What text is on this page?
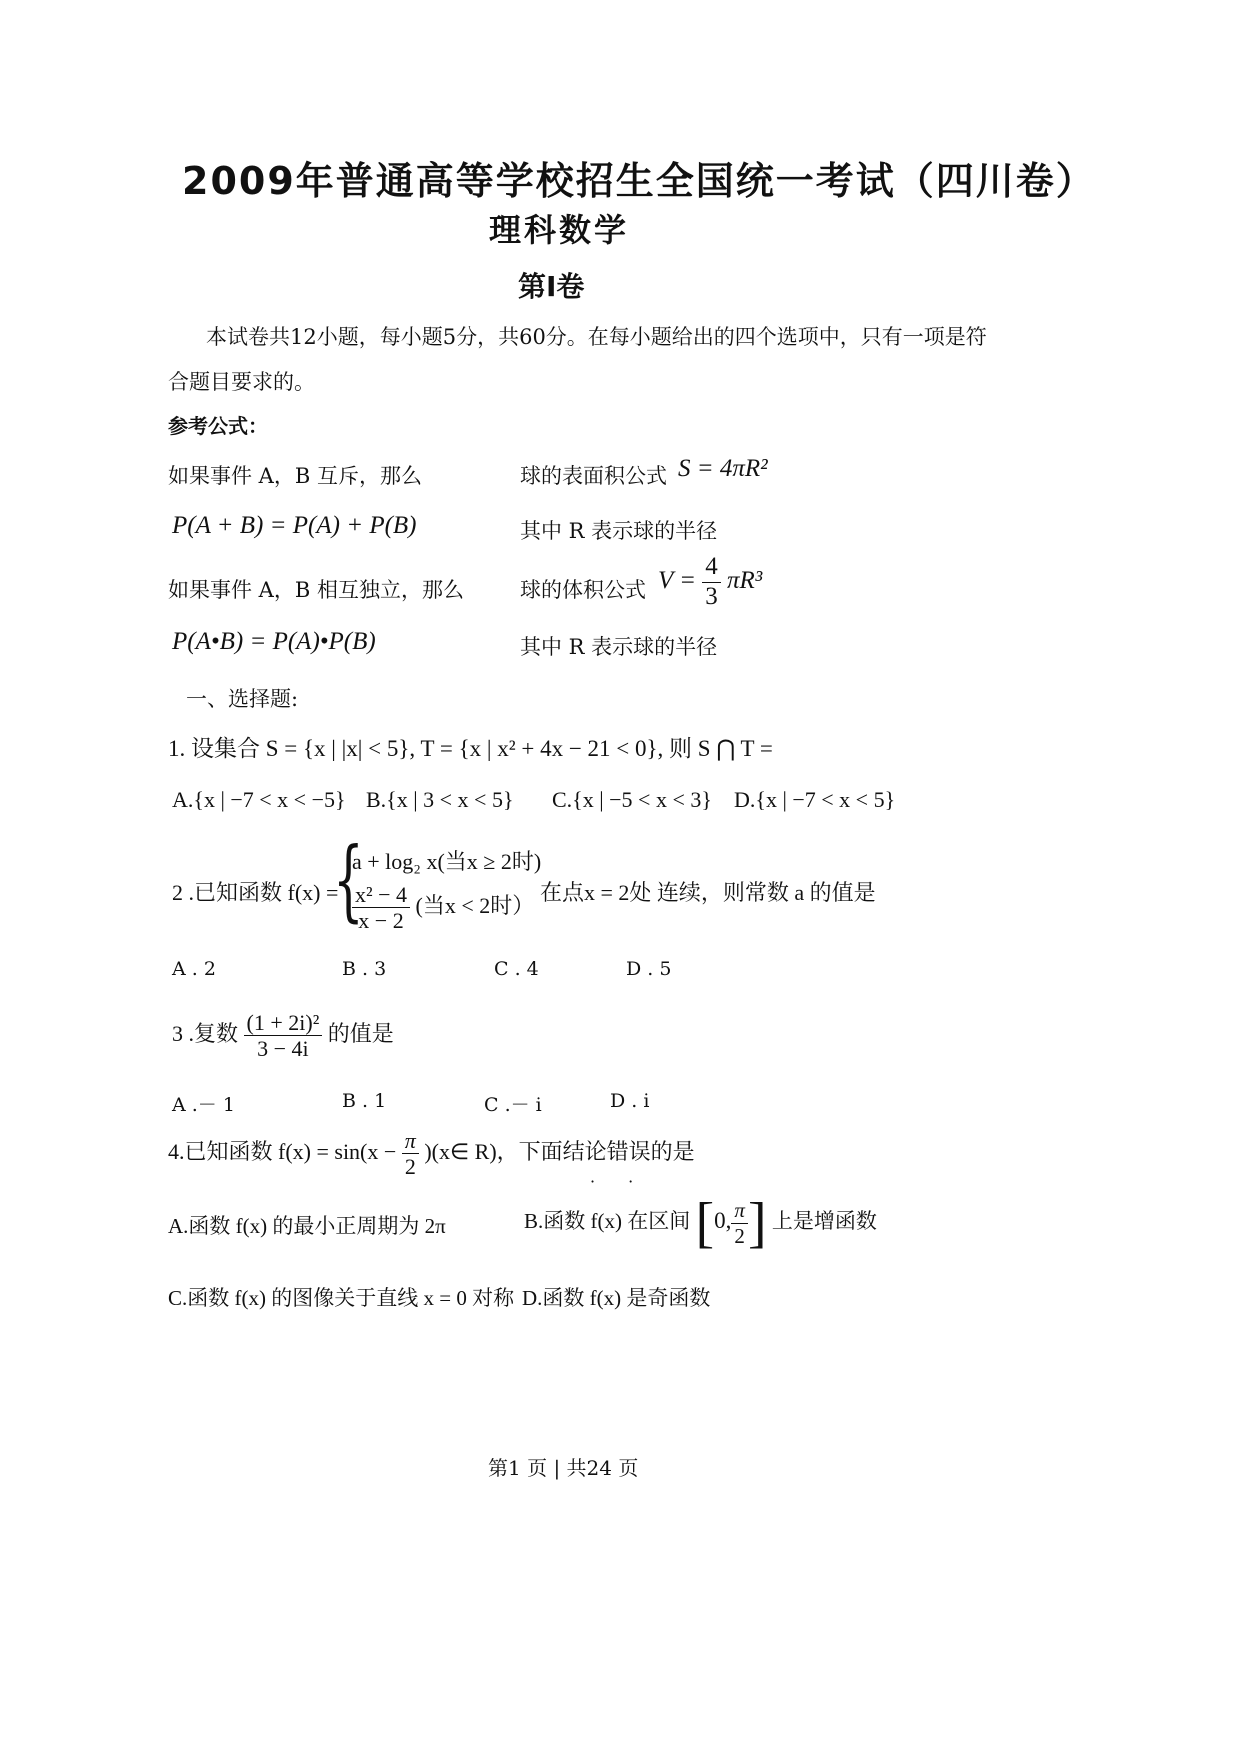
2009年普通高等学校招生全国统一考试（四川卷）
理科数学
第Ⅰ卷
本试卷共12小题，每小题5分，共60分。在每小题给出的四个选项中，只有一项是符
合题目要求的。
参考公式：
如果事件 A，B 互斥，那么	球的表面积公式 S = 4πR²
P(A + B) = P(A) + P(B)	其中 R 表示球的半径
如果事件 A，B 相互独立，那么	球的体积公式 $V = \frac{4}{3} \pi R^3$
P(A•B) = P(A)•P(B)	其中 R 表示球的半径
一、选择题:
1. 设集合 S = {x | |x| < 5}, T = {x | x² + 4x − 21 < 0}, 则 S ⋂ T =
A.{x | −7 < x < −5} B.{x | 3 < x < 5} C.{x | −5 < x < 3} D.{x | −7 < x < 5}
2 .已知函数 f(x) =
{
a + log₂ x(当x ≥ 2时)
$\frac{\text{x² − 4}}{x - 2}$ (当x < 2时）
在点x = 2处 连续，则常数 a 的值是
A . 2	B . 3	C . 4	D . 5
3 .复数 $\frac{\text{(1 + 2i)²}}{3 - 4i}$ 的值是
A .－ 1	B . 1	C .－ i	D . i
4.已知函数 $f(x) = \sin(x - \frac{\pi}{2}$ )(x∈ R)，下面结论错误的是
· ·
A.函数 f(x) 的最小正周期为 2π	B.函数 f(x) 在区间 [0, $\frac{\pi}{2}$ ] 上是增函数
C.函数 f(x) 的图像关于直线 x = 0 对称 D.函数 f(x) 是奇函数
第1 页 | 共24 页
